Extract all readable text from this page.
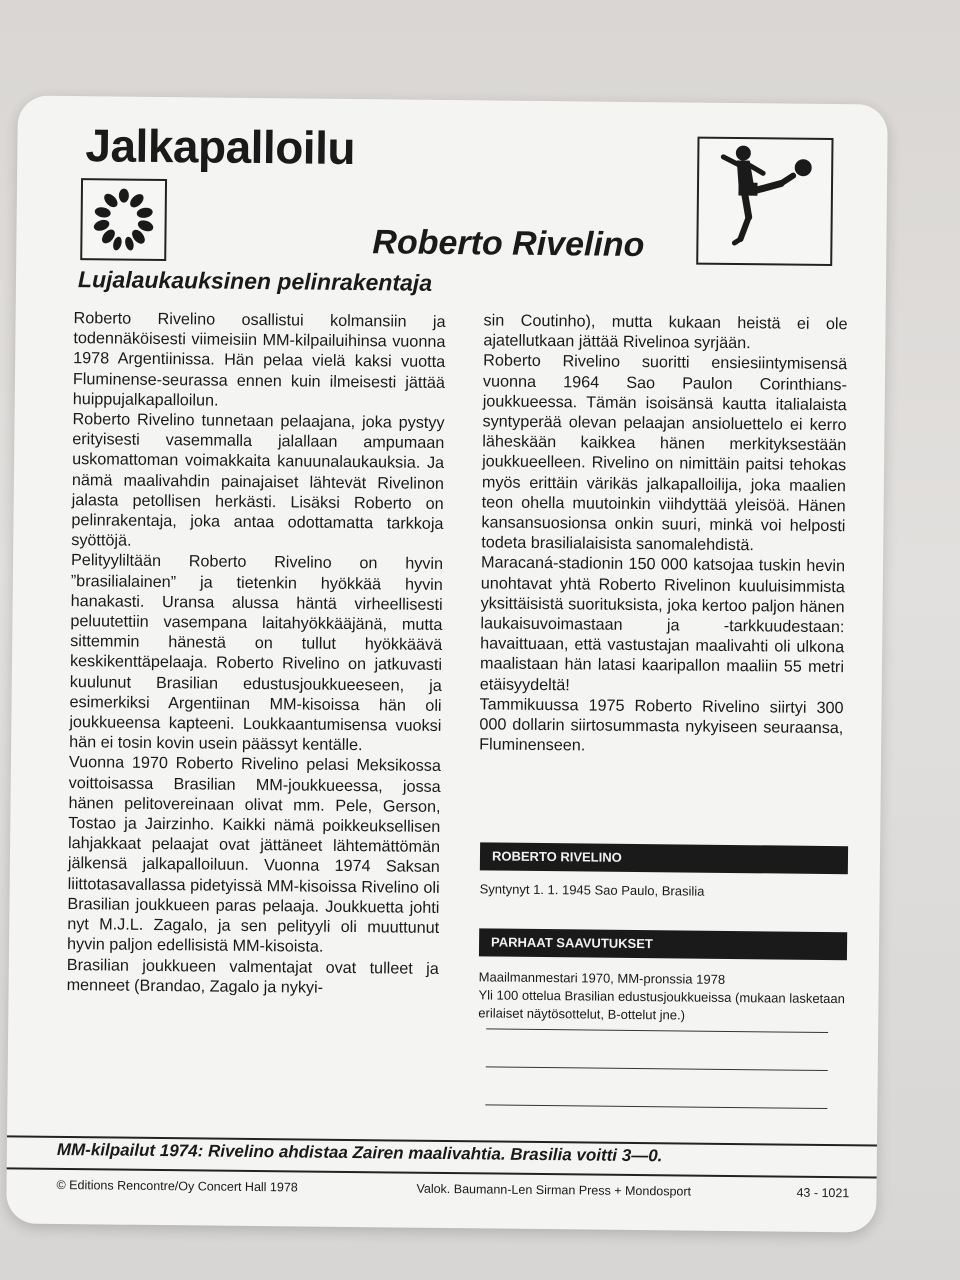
Jalkapalloilu
Roberto Rivelino
Lujalaukauksinen pelinrakentaja

Roberto Rivelino osallistui kolmansiin ja todennäköisesti viimeisiin MM-kilpailuihinsa vuonna 1978 Argentiinissa. Hän pelaa vielä kaksi vuotta Fluminense-seurassa ennen kuin ilmeisesti jättää huippujalkapalloilun.

Roberto Rivelino tunnetaan pelaajana, joka pystyy erityisesti vasemmalla jalallaan ampumaan uskomattoman voimakkaita kanuunalaukauksia. Ja nämä maalivahdin painajaiset lähtevät Rivelinon jalasta petollisen herkästi. Lisäksi Roberto on pelinrakentaja, joka antaa odottamatta tarkkoja syöttöjä.

Pelityyliltään Roberto Rivelino on hyvin ”brasilialainen” ja tietenkin hyökkää hyvin hanakasti. Uransa alussa häntä virheellisesti peluutettiin vasempana laitahyökkääjänä, mutta sittemmin hänestä on tullut hyökkäävä keskikenttäpelaaja. Roberto Rivelino on jatkuvasti kuulunut Brasilian edustusjoukkueeseen, ja esimerkiksi Argentiinan MM-kisoissa hän oli joukkueensa kapteeni. Loukkaantumisensa vuoksi hän ei tosin kovin usein päässyt kentälle.

Vuonna 1970 Roberto Rivelino pelasi Meksikossa voittoisassa Brasilian MM-joukkueessa, jossa hänen pelitovereinaan olivat mm. Pele, Gerson, Tostao ja Jairzinho. Kaikki nämä poikkeuksellisen lahjakkaat pelaajat ovat jättäneet lähtemättömän jälkensä jalkapalloiluun. Vuonna 1974 Saksan liittotasavallassa pidetyissä MM-kisoissa Rivelino oli Brasilian joukkueen paras pelaaja. Joukkuetta johti nyt M.J.L. Zagalo, ja sen pelityyli oli muuttunut hyvin paljon edellisistä MM-kisoista.

Brasilian joukkueen valmentajat ovat tulleet ja menneet (Brandao, Zagalo ja nykyi-

sin Coutinho), mutta kukaan heistä ei ole ajatellutkaan jättää Rivelinoa syrjään.

Roberto Rivelino suoritti ensiesiintymisensä vuonna 1964 Sao Paulon Corinthians-joukkueessa. Tämän isoisänsä kautta italialaista syntyperää olevan pelaajan ansioluettelo ei kerro läheskään kaikkea hänen merkityksestään joukkueelleen. Rivelino on nimittäin paitsi tehokas myös erittäin värikäs jalkapalloilija, joka maalien teon ohella muutoinkin viihdyttää yleisöä. Hänen kansansuosionsa onkin suuri, minkä voi helposti todeta brasilialaisista sanomalehdistä.

Maracaná-stadionin 150 000 katsojaa tuskin hevin unohtavat yhtä Roberto Rivelinon kuuluisimmista yksittäisistä suorituksista, joka kertoo paljon hänen laukaisuvoimastaan ja -tarkkuudestaan: havaittuaan, että vastustajan maalivahti oli ulkona maalistaan hän latasi kaaripallon maaliin 55 metri etäisyydeltä!

Tammikuussa 1975 Roberto Rivelino siirtyi 300 000 dollarin siirtosummasta nykyiseen seuraansa, Fluminenseen.

ROBERTO RIVELINO
Syntynyt 1. 1. 1945 Sao Paulo, Brasilia
PARHAAT SAAVUTUKSET

Maailmanmestari 1970, MM-pronssia 1978

Yli 100 ottelua Brasilian edustusjoukkueissa (mukaan lasketaan erilaiset näytösottelut, B-ottelut jne.)

MM-kilpailut 1974: Rivelino ahdistaa Zairen maalivahtia. Brasilia voitti 3—0.

© Editions Rencontre/Oy Concert Hall 1978	Valok. Baumann-Len Sirman Press + Mondosport	43 - 1021
